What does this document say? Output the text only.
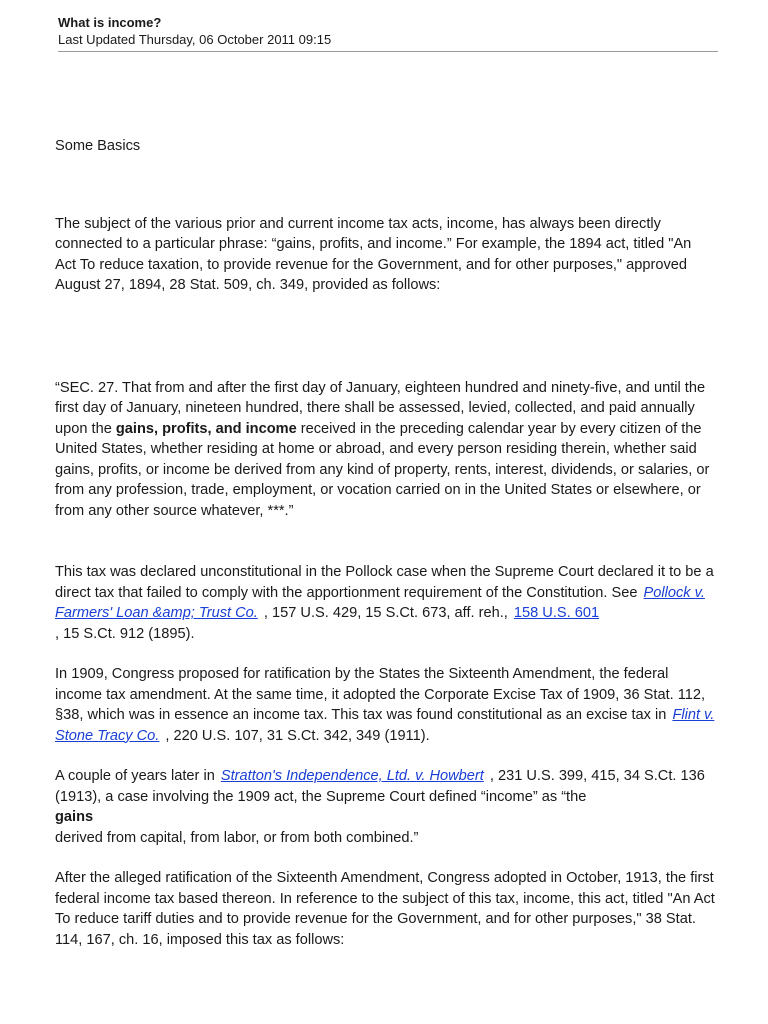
What is income?
Last Updated Thursday, 06 October 2011 09:15

Some Basics

The subject of the various prior and current income tax acts, income, has always been directly connected to a particular phrase: “gains, profits, and income.” For example, the 1894 act, titled "An Act To reduce taxation, to provide revenue for the Government, and for other purposes," approved August 27, 1894, 28 Stat. 509, ch. 349, provided as follows:

“SEC. 27. That from and after the first day of January, eighteen hundred and ninety-five, and until the first day of January, nineteen hundred, there shall be assessed, levied, collected, and paid annually upon the gains, profits, and income received in the preceding calendar year by every citizen of the United States, whether residing at home or abroad, and every person residing therein, whether said gains, profits, or income be derived from any kind of property, rents, interest, dividends, or salaries, or from any profession, trade, employment, or vocation carried on in the United States or elsewhere, or from any other source whatever, ***.”

This tax was declared unconstitutional in the Pollock case when the Supreme Court declared it to be a direct tax that failed to comply with the apportionment requirement of the Constitution. See Pollock v. Farmers' Loan &amp; Trust Co. , 157 U.S. 429, 15 S.Ct. 673, aff. reh., 158 U.S. 601
, 15 S.Ct. 912 (1895).

In 1909, Congress proposed for ratification by the States the Sixteenth Amendment, the federal income tax amendment. At the same time, it adopted the Corporate Excise Tax of 1909, 36 Stat. 112, §38, which was in essence an income tax. This tax was found constitutional as an excise tax in Flint v. Stone Tracy Co. , 220 U.S. 107, 31 S.Ct. 342, 349 (1911).

A couple of years later in Stratton's Independence, Ltd. v. Howbert , 231 U.S. 399, 415, 34 S.Ct. 136 (1913), a case involving the 1909 act, the Supreme Court defined “income” as “the
gains
derived from capital, from labor, or from both combined.”

After the alleged ratification of the Sixteenth Amendment, Congress adopted in October, 1913, the first federal income tax based thereon. In reference to the subject of this tax, income, this act, titled "An Act To reduce tariff duties and to provide revenue for the Government, and for other purposes," 38 Stat. 114, 167, ch. 16, imposed this tax as follows:
